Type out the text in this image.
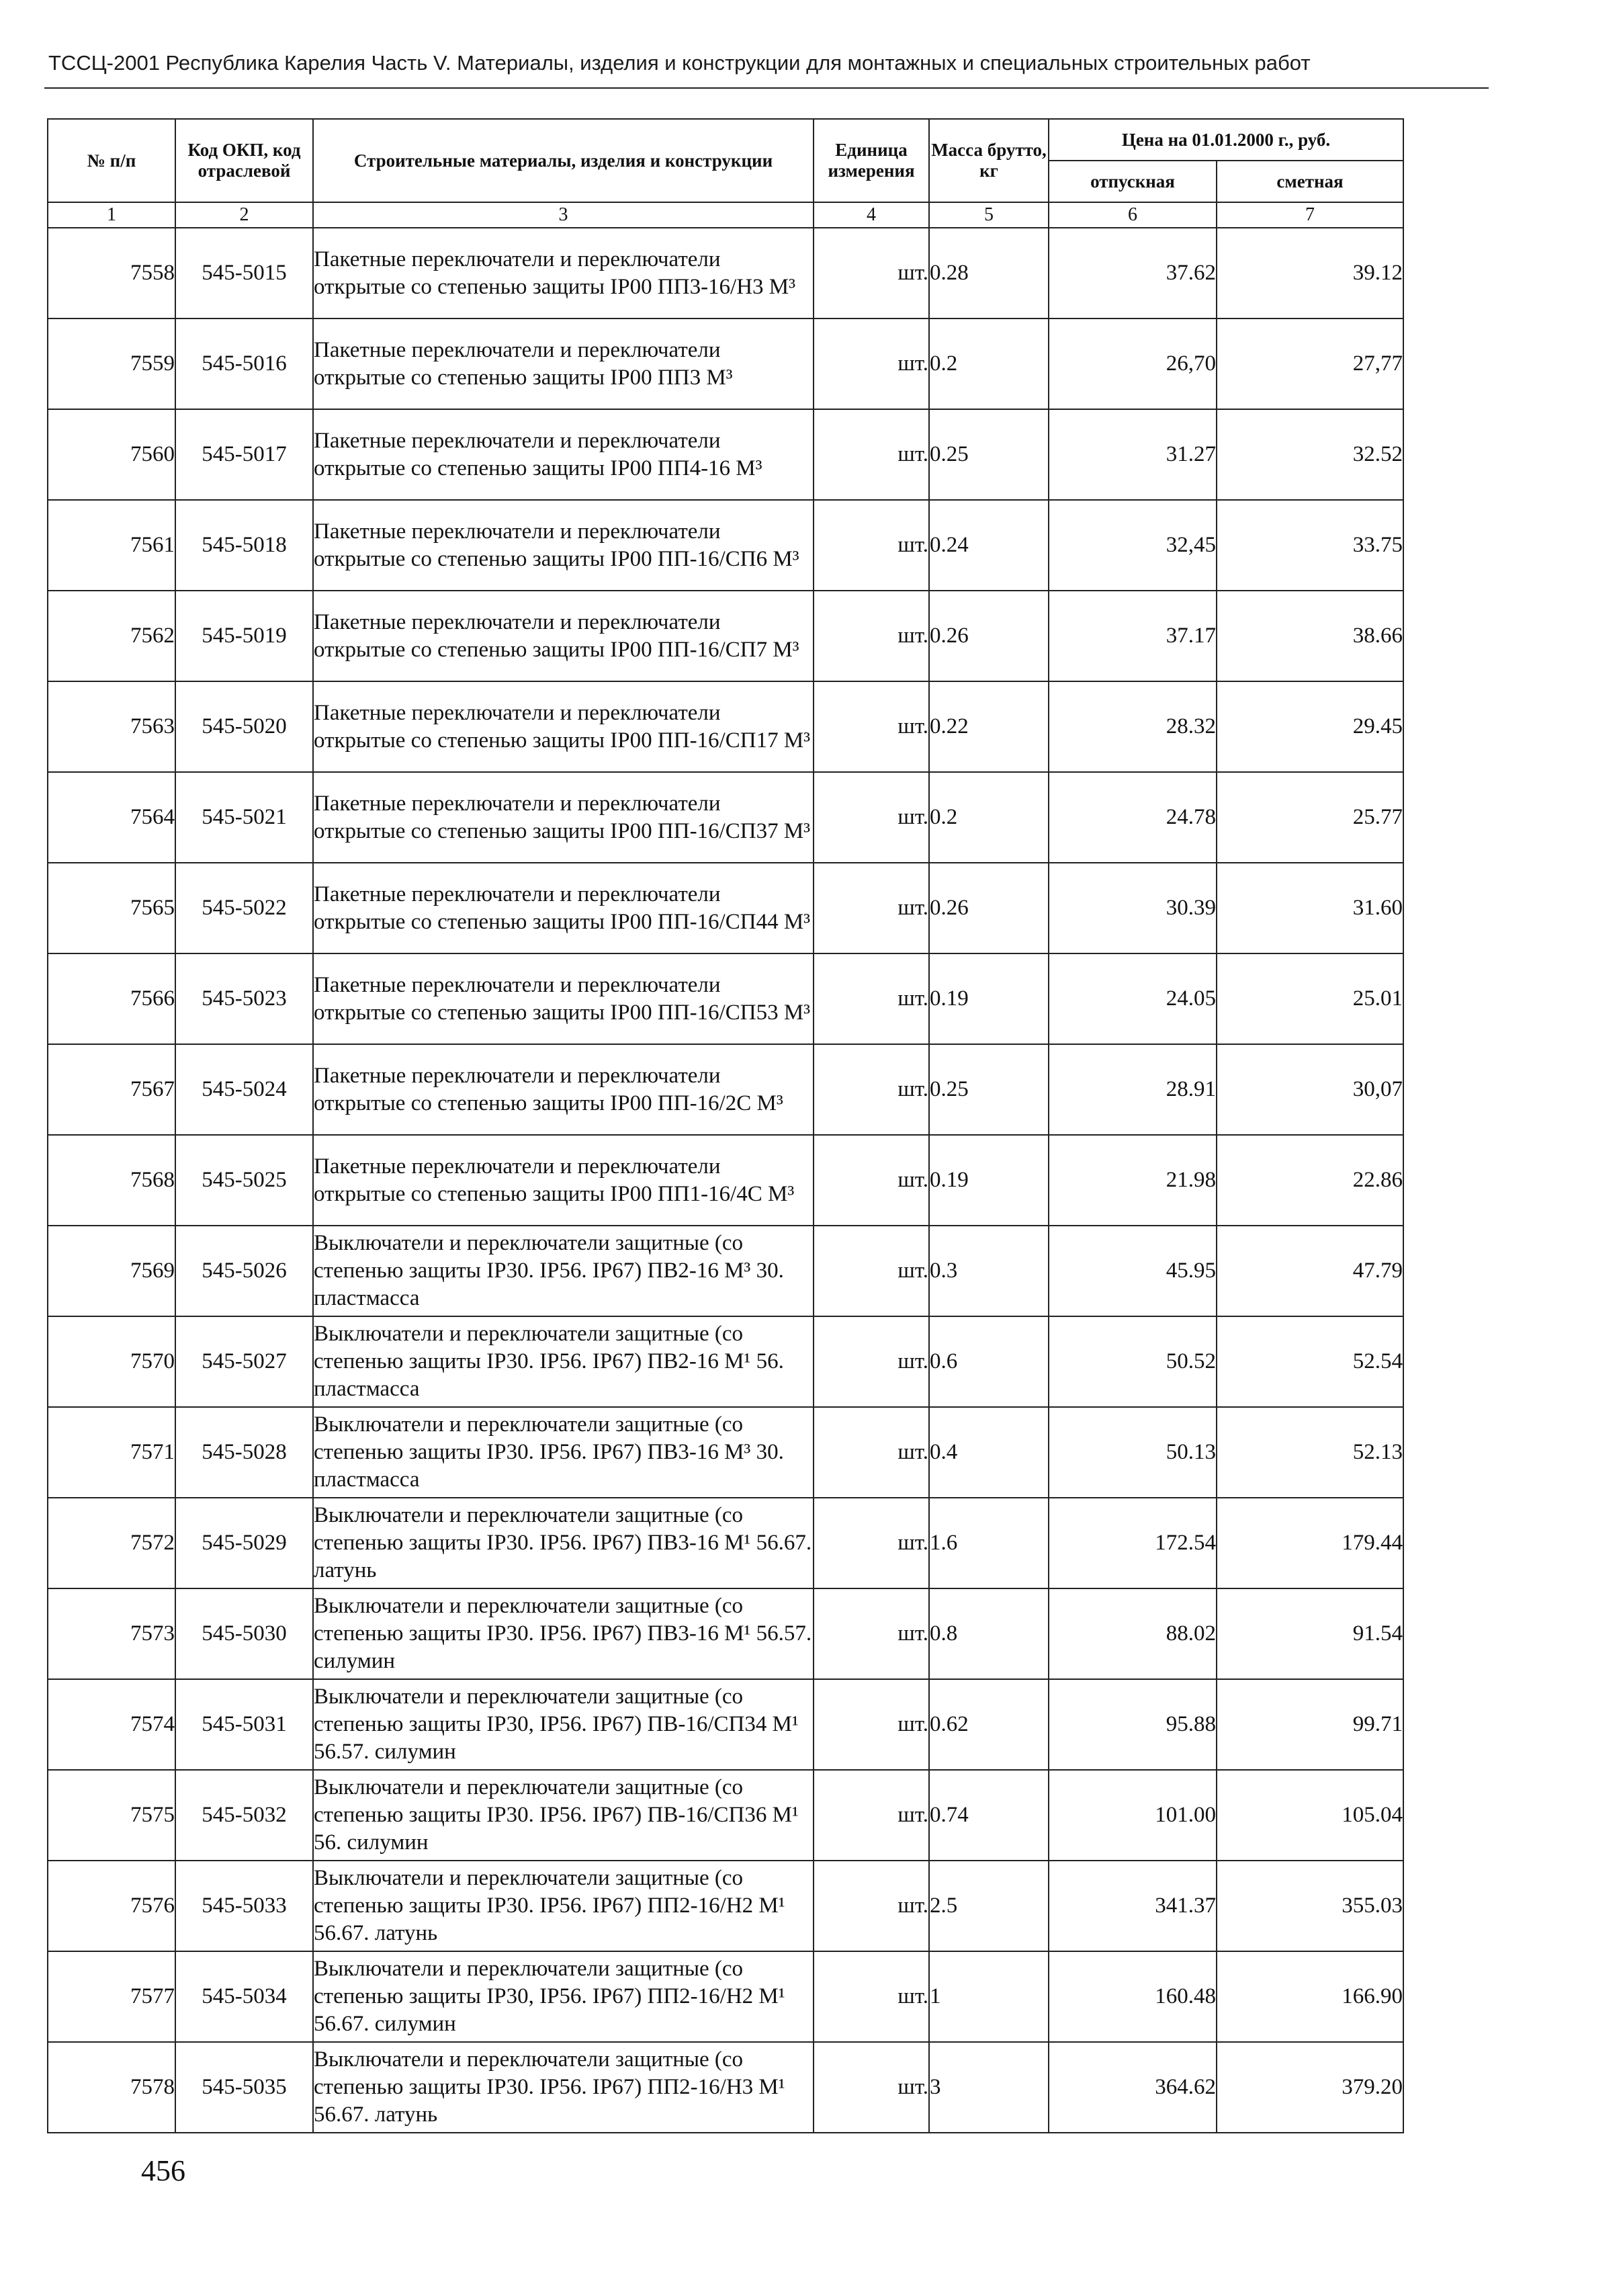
ТССЦ-2001 Республика Карелия Часть V. Материалы, изделия и конструкции для монтажных и специальных строительных работ
№ п/п	Код ОКП, код отраслевой	Строительные материалы, изделия и конструкции	Единица измерения	Масса брутто, кг	Цена на 01.01.2000 г., руб.	
					отпускная	сметная
1	2	3	4	5	6	7
7558	545-5015	Пакетные переключатели и переключатели открытые со степенью защиты IP00 ПП3-16/Н3 М³	шт.	0.28	37.62	39.12
7559	545-5016	Пакетные переключатели и переключатели открытые со степенью защиты IP00 ПП3 М³	шт.	0.2	26,70	27,77
7560	545-5017	Пакетные переключатели и переключатели открытые со степенью защиты IP00 ПП4-16 М³	шт.	0.25	31.27	32.52
7561	545-5018	Пакетные переключатели и переключатели открытые со степенью защиты IP00 ПП-16/СП6 М³	шт.	0.24	32,45	33.75
7562	545-5019	Пакетные переключатели и переключатели открытые со степенью защиты IP00 ПП-16/СП7 М³	шт.	0.26	37.17	38.66
7563	545-5020	Пакетные переключатели и переключатели открытые со степенью защиты IP00 ПП-16/СП17 М³	шт.	0.22	28.32	29.45
7564	545-5021	Пакетные переключатели и переключатели открытые со степенью защиты IP00 ПП-16/СП37 М³	шт.	0.2	24.78	25.77
7565	545-5022	Пакетные переключатели и переключатели открытые со степенью защиты IP00 ПП-16/СП44 М³	шт.	0.26	30.39	31.60
7566	545-5023	Пакетные переключатели и переключатели открытые со степенью защиты IP00 ПП-16/СП53 М³	шт.	0.19	24.05	25.01
7567	545-5024	Пакетные переключатели и переключатели открытые со степенью защиты IP00 ПП-16/2С М³	шт.	0.25	28.91	30,07
7568	545-5025	Пакетные переключатели и переключатели открытые со степенью защиты IP00 ПП1-16/4С М³	шт.	0.19	21.98	22.86
7569	545-5026	Выключатели и переключатели защитные (со степенью защиты IP30. IP56. IP67) ПВ2-16 М³ 30. пластмасса	шт.	0.3	45.95	47.79
7570	545-5027	Выключатели и переключатели защитные (со степенью защиты IP30. IP56. IP67) ПВ2-16 М¹ 56. пластмасса	шт.	0.6	50.52	52.54
7571	545-5028	Выключатели и переключатели защитные (со степенью защиты IP30. IP56. IP67) ПВ3-16 М³ 30. пластмасса	шт.	0.4	50.13	52.13
7572	545-5029	Выключатели и переключатели защитные (со степенью защиты IP30. IP56. IP67) ПВ3-16 М¹ 56.67. латунь	шт.	1.6	172.54	179.44
7573	545-5030	Выключатели и переключатели защитные (со степенью защиты IP30. IP56. IP67) ПВ3-16 М¹ 56.57. силумин	шт.	0.8	88.02	91.54
7574	545-5031	Выключатели и переключатели защитные (со степенью защиты IP30, IP56. IP67) ПВ-16/СП34 М¹ 56.57. силумин	шт.	0.62	95.88	99.71
7575	545-5032	Выключатели и переключатели защитные (со степенью защиты IP30. IP56. IP67) ПВ-16/СП36 М¹ 56. силумин	шт.	0.74	101.00	105.04
7576	545-5033	Выключатели и переключатели защитные (со степенью защиты IP30. IP56. IP67) ПП2-16/Н2 М¹ 56.67. латунь	шт.	2.5	341.37	355.03
7577	545-5034	Выключатели и переключатели защитные (со степенью защиты IP30, IP56. IP67) ПП2-16/Н2 М¹ 56.67. силумин	шт.	1	160.48	166.90
7578	545-5035	Выключатели и переключатели защитные (со степенью защиты IP30. IP56. IP67) ПП2-16/Н3 М¹ 56.67. латунь	шт.	3	364.62	379.20
456
